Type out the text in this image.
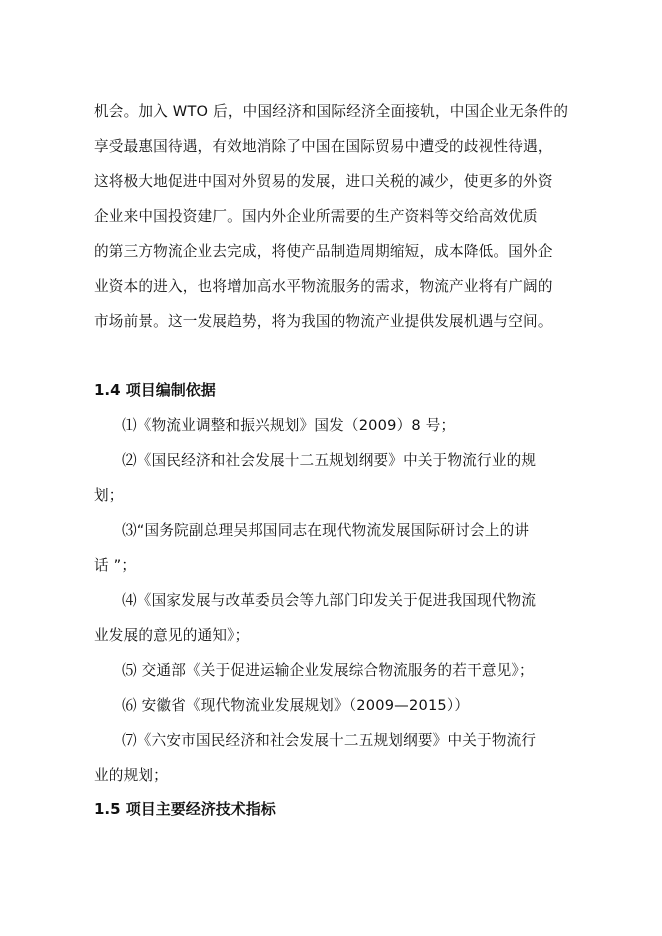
机会。加入 WTO 后，中国经济和国际经济全面接轨，中国企业无条件的
享受最惠国待遇，有效地消除了中国在国际贸易中遭受的歧视性待遇，
这将极大地促进中国对外贸易的发展，进口关税的减少，使更多的外资
企业来中国投资建厂。国内外企业所需要的生产资料等交给高效优质
的第三方物流企业去完成，将使产品制造周期缩短，成本降低。国外企
业资本的进入，也将增加高水平物流服务的需求，物流产业将有广阔的
市场前景。这一发展趋势，将为我国的物流产业提供发展机遇与空间。
1.4 项目编制依据
⑴《物流业调整和振兴规划》国发（2009）8 号；
⑵《国民经济和社会发展十二五规划纲要》中关于物流行业的规
划；
⑶“国务院副总理吴邦国同志在现代物流发展国际研讨会上的讲
话 ”；
⑷《国家发展与改革委员会等九部门印发关于促进我国现代物流
业发展的意见的通知》；
⑸ 交通部《关于促进运输企业发展综合物流服务的若干意见》；
⑹ 安徽省《现代物流业发展规划》（2009—2015））
⑺《六安市国民经济和社会发展十二五规划纲要》中关于物流行
业的规划；
1.5 项目主要经济技术指标
